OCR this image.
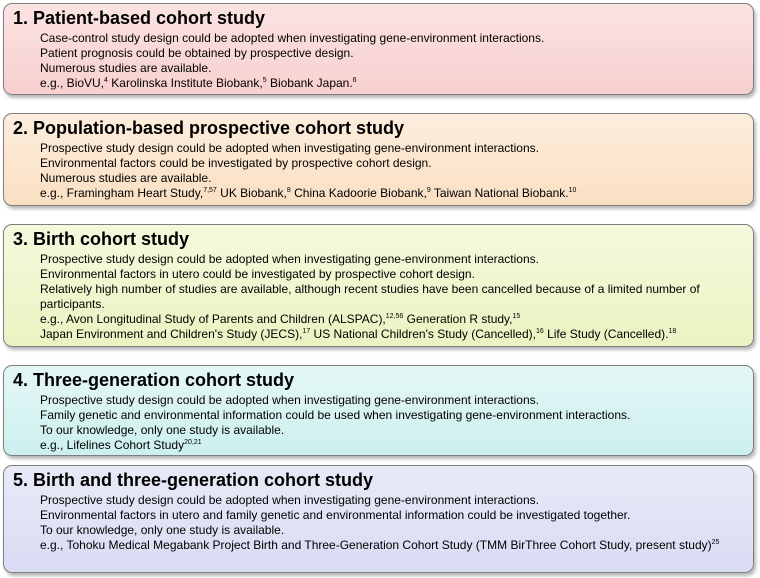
1. Patient-based cohort study
Case-control study design could be adopted when investigating gene-environment interactions.
Patient prognosis could be obtained by prospective design.
Numerous studies are available.
e.g., BioVU,$^4$ Karolinska Institute Biobank,$^5$ Biobank Japan.$^6$
2. Population-based prospective cohort study
Prospective study design could be adopted when investigating gene-environment interactions.
Environmental factors could be investigated by prospective cohort design.
Numerous studies are available.
e.g., Framingham Heart Study,$^{7,57}$ UK Biobank,$^8$ China Kadoorie Biobank,$^9$ Taiwan National Biobank.$^{10}$
3. Birth cohort study
Prospective study design could be adopted when investigating gene-environment interactions.
Environmental factors in utero could be investigated by prospective cohort design.
Relatively high number of studies are available, although recent studies have been cancelled because of a limited number of participants.
e.g., Avon Longitudinal Study of Parents and Children (ALSPAC),$^{12,56}$ Generation R study,$^{15}$
Japan Environment and Children's Study (JECS),$^{17}$ US National Children's Study (Cancelled),$^{16}$ Life Study (Cancelled).$^{18}$
4. Three-generation cohort study
Prospective study design could be adopted when investigating gene-environment interactions.
Family genetic and environmental information could be used when investigating gene-environment interactions.
To our knowledge, only one study is available.
e.g., Lifelines Cohort Study$^{20,21}$
5. Birth and three-generation cohort study
Prospective study design could be adopted when investigating gene-environment interactions.
Environmental factors in utero and family genetic and environmental information could be investigated together.
To our knowledge, only one study is available.
e.g., Tohoku Medical Megabank Project Birth and Three-Generation Cohort Study (TMM BirThree Cohort Study, present study)$^{25}$
